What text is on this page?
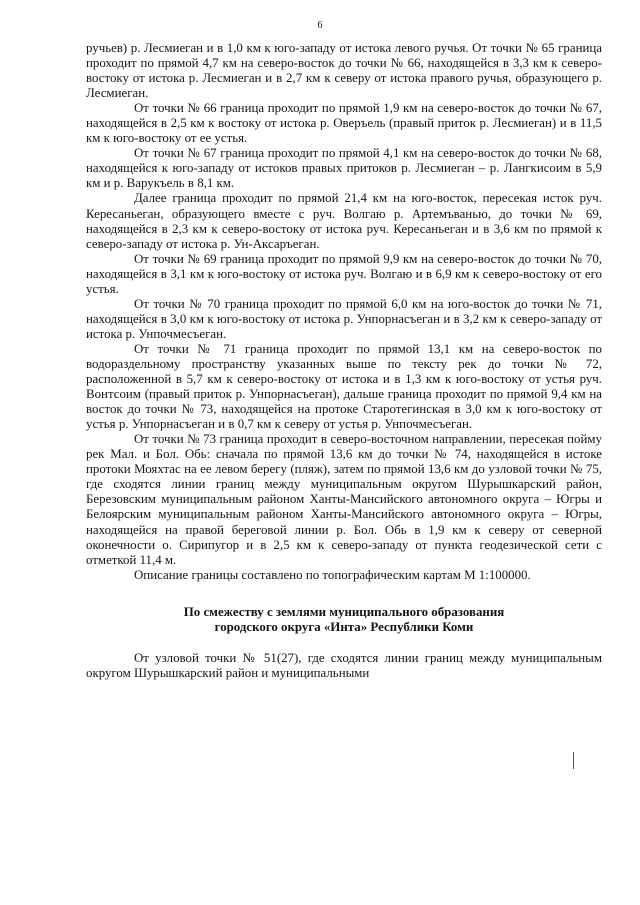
6

ручьев) р. Лесмиеган и в 1,0 км к юго-западу от истока левого ручья. От точки № 65 граница проходит по прямой 4,7 км на северо-восток до точки № 66, находящейся в 3,3 км к северо-востоку от истока р. Лесмиеган и в 2,7 км к северу от истока правого ручья, образующего р. Лесмиеган.

От точки № 66 граница проходит по прямой 1,9 км на северо-восток до точки № 67, находящейся в 2,5 км к востоку от истока р. Оверъель (правый приток р. Лесмиеган) и в 11,5 км к юго-востоку от ее устья.

От точки № 67 граница проходит по прямой 4,1 км на северо-восток до точки № 68, находящейся к юго-западу от истоков правых притоков р. Лесмиеган – р. Лангкисоим в 5,9 км и р. Варукъель в 8,1 км.

Далее граница проходит по прямой 21,4 км на юго-восток, пересекая исток руч. Кересаньеган, образующего вместе с руч. Волгаю р. Артемъванью, до точки № 69, находящейся в 2,3 км к северо-востоку от истока руч. Кересаньеган и в 3,6 км по прямой к северо-западу от истока р. Ун-Аксаръеган.

От точки № 69 граница проходит по прямой 9,9 км на северо-восток до точки № 70, находящейся в 3,1 км к юго-востоку от истока руч. Волгаю и в 6,9 км к северо-востоку от его устья.

От точки № 70 граница проходит по прямой 6,0 км на юго-восток до точки № 71, находящейся в 3,0 км к юго-востоку от истока р. Унпорнасъеган и в 3,2 км к северо-западу от истока р. Унпочмесъеган.

От точки № 71 граница проходит по прямой 13,1 км на северо-восток по водораздельному пространству указанных выше по тексту рек до точки № 72, расположенной в 5,7 км к северо-востоку от истока и в 1,3 км к юго-востоку от устья руч. Вонтсоим (правый приток р. Унпорнасъеган), дальше граница проходит по прямой 9,4 км на восток до точки № 73, находящейся на протоке Старотегинская в 3,0 км к юго-востоку от устья р. Унпорнасъеган и в 0,7 км к северу от устья р. Унпочмесъеган.

От точки № 73 граница проходит в северо-восточном направлении, пересекая пойму рек Мал. и Бол. Обь: сначала по прямой 13,6 км до точки № 74, находящейся в истоке протоки Мояхтас на ее левом берегу (пляж), затем по прямой 13,6 км до узловой точки № 75, где сходятся линии границ между муниципальным округом Шурышкарский район, Березовским муниципальным районом Ханты-Мансийского автономного округа – Югры и Белоярским муниципальным районом Ханты-Мансийского автономного округа – Югры, находящейся на правой береговой линии р. Бол. Обь в 1,9 км к северу от северной оконечности о. Сирипугор и в 2,5 км к северо-западу от пункта геодезической сети с отметкой 11,4 м.

Описание границы составлено по топографическим картам М 1:100000.

По смежеству с землями муниципального образования
городского округа «Инта» Республики Коми

От узловой точки № 51(27), где сходятся линии границ между муниципальным округом Шурышкарский район и муниципальными
